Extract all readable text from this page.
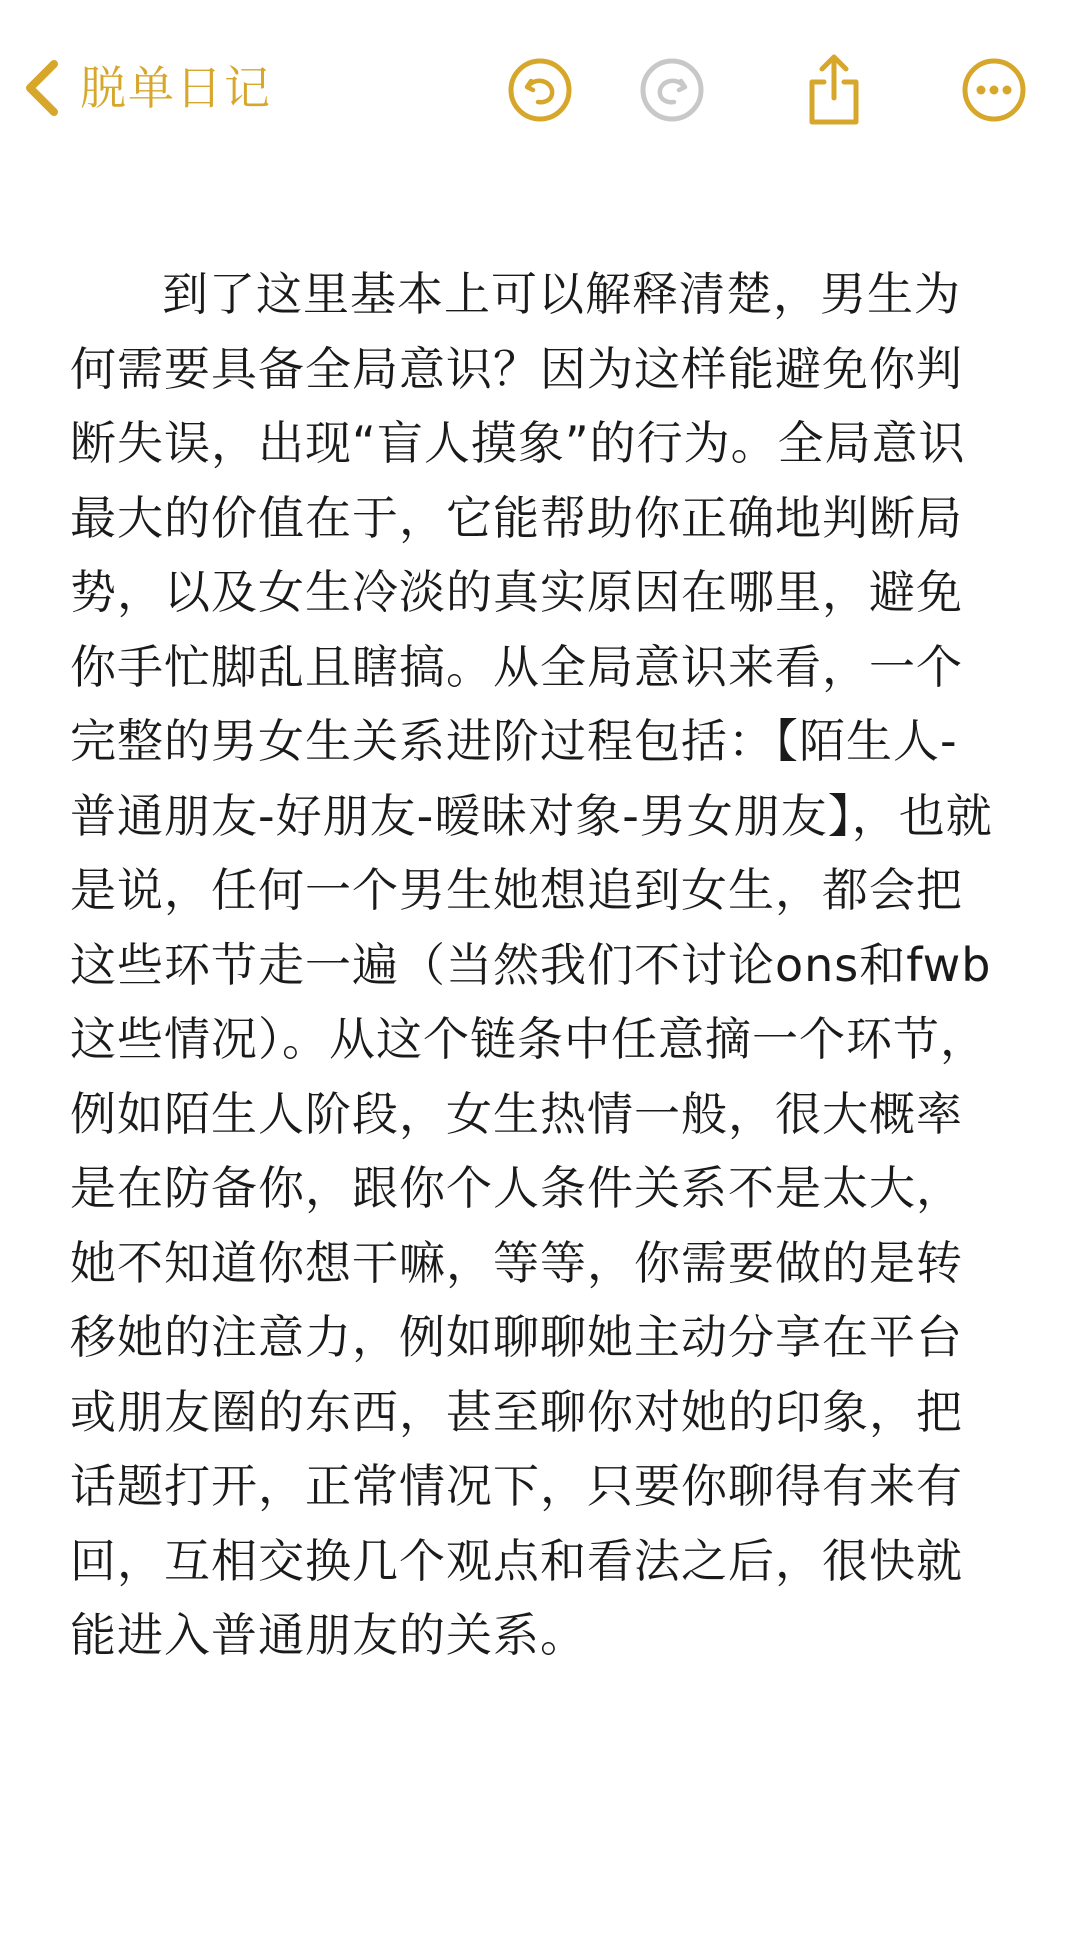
脱单日记
到了这里基本上可以解释清楚，男生为何需要具备全局意识？因为这样能避免你判断失误，出现“盲人摸象”的行为。全局意识最大的价值在于，它能帮助你正确地判断局势，以及女生冷淡的真实原因在哪里，避免你手忙脚乱且瞎搞。从全局意识来看，一个完整的男女生关系进阶过程包括：【陌生人-普通朋友-好朋友-暧昧对象-男女朋友】，也就是说，任何一个男生她想追到女生，都会把这些环节走一遍（当然我们不讨论ons和fwb这些情况）。从这个链条中任意摘一个环节，例如陌生人阶段，女生热情一般，很大概率是在防备你，跟你个人条件关系不是太大，她不知道你想干嘛，等等，你需要做的是转移她的注意力，例如聊聊她主动分享在平台或朋友圈的东西，甚至聊你对她的印象，把话题打开，正常情况下，只要你聊得有来有回，互相交换几个观点和看法之后，很快就能进入普通朋友的关系。
